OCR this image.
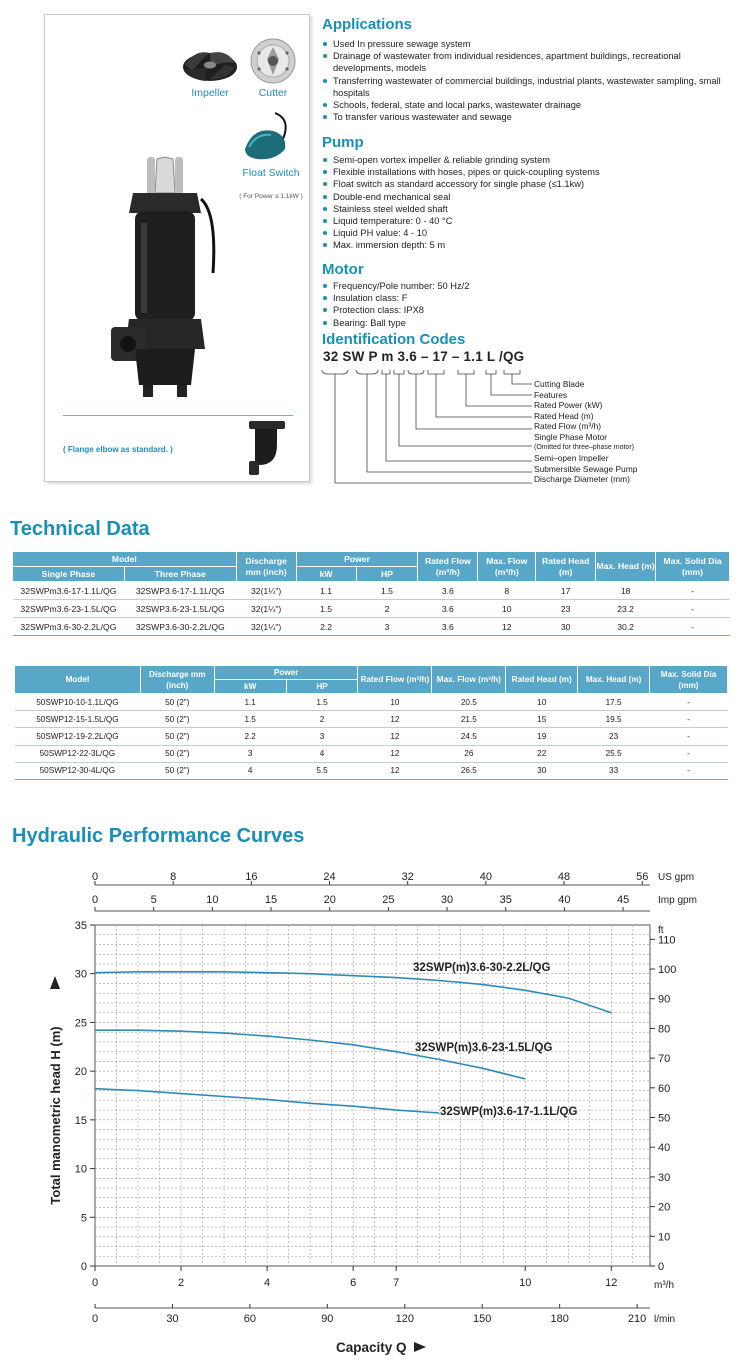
Impeller	Cutter
Float Switch
( For Power ≤ 1.1kW )
( Flange elbow as standard. )
Applications
Used In pressure sewage system
Drainage of wastewater from individual residences, apartment buildings, recreational developments, models
Transferring wastewater of commercial buildings, industrial plants, wastewater sampling, small hospitals
Schools, federal, state and local parks, wastewater drainage
To transfer various wastewater and sewage
Pump
Semi-open vortex impeller & reliable grinding system
Flexible installations with hoses, pipes or quick-coupling systems
Float switch as standard accessory for single phase (≤1.1kw)
Double-end mechanical seal
Stainless steel welded shaft
Liquid temperature: 0 - 40 °C
Liquid PH value: 4 - 10
Max. immersion depth: 5 m
Motor
Frequency/Pole number: 50 Hz/2
Insulation class: F
Protection class: IPX8
Bearing: Ball type
Identification Codes
32 SW P m 3.6 – 17 – 1.1 L /QG
Cutting Blade
Features
Rated Power (kW)
Rated Head (m)
Rated Flow (m³/h)
Single Phase Motor
(Omitted for three–phase motor)
Semi–open Impeller
Submersible Sewage Pump
Discharge Diameter (mm)
Technical Data
Model		Discharge mm (inch)	Power		Rated Flow (m³/h)	Max. Flow (m³/h)	Rated Head (m)	Max. Head (m)	Max. Solid Dia (mm)
Single Phase	Three Phase		kW	HP					
32SWPm3.6-17-1.1L/QG	32SWP3.6-17-1.1L/QG	32(1¼")	1.1	1.5	3.6	8	17	18	-
32SWPm3.6-23-1.5L/QG	32SWP3.6-23-1.5L/QG	32(1¼")	1.5	2	3.6	10	23	23.2	-
32SWPm3.6-30-2.2L/QG	32SWP3.6-30-2.2L/QG	32(1¼")	2.2	3	3.6	12	30	30.2	-
Model	Discharge mm (inch)	Power		Rated Flow (m³/h)	Max. Flow (m³/h)	Rated Head (m)	Max. Head (m)	Max. Solid Dia (mm)
		kW	HP					
50SWP10-10-1.1L/QG	50 (2")	1.1	1.5	10	20.5	10	17.5	-
50SWP12-15-1.5L/QG	50 (2")	1.5	2	12	21.5	15	19.5	-
50SWP12-19-2.2L/QG	50 (2")	2.2	3	12	24.5	19	23	-
50SWP12-22-3L/QG	50 (2")	3	4	12	26	22	25.5	-
50SWP12-30-4L/QG	50 (2")	4	5.5	12	26.5	30	33	-
Hydraulic Performance Curves
0
5
10
15
20
25
30
35
0	2	4	6	7	10	12	m³/h
0	30	60	90	120	150	180	210 l/min
0	5	10	15	20	25	30	35	40	45	Imp gpm
0	8	16	24	32	40	48	56 US gpm
0
10
20
30
40
50
60
70
80
90
100
110
ft
32SWP(m)3.6-30-2.2L/QG
32SWP(m)3.6-23-1.5L/QG
32SWP(m)3.6-17-1.1L/QG
Total manometric head H (m)
Capacity Q
